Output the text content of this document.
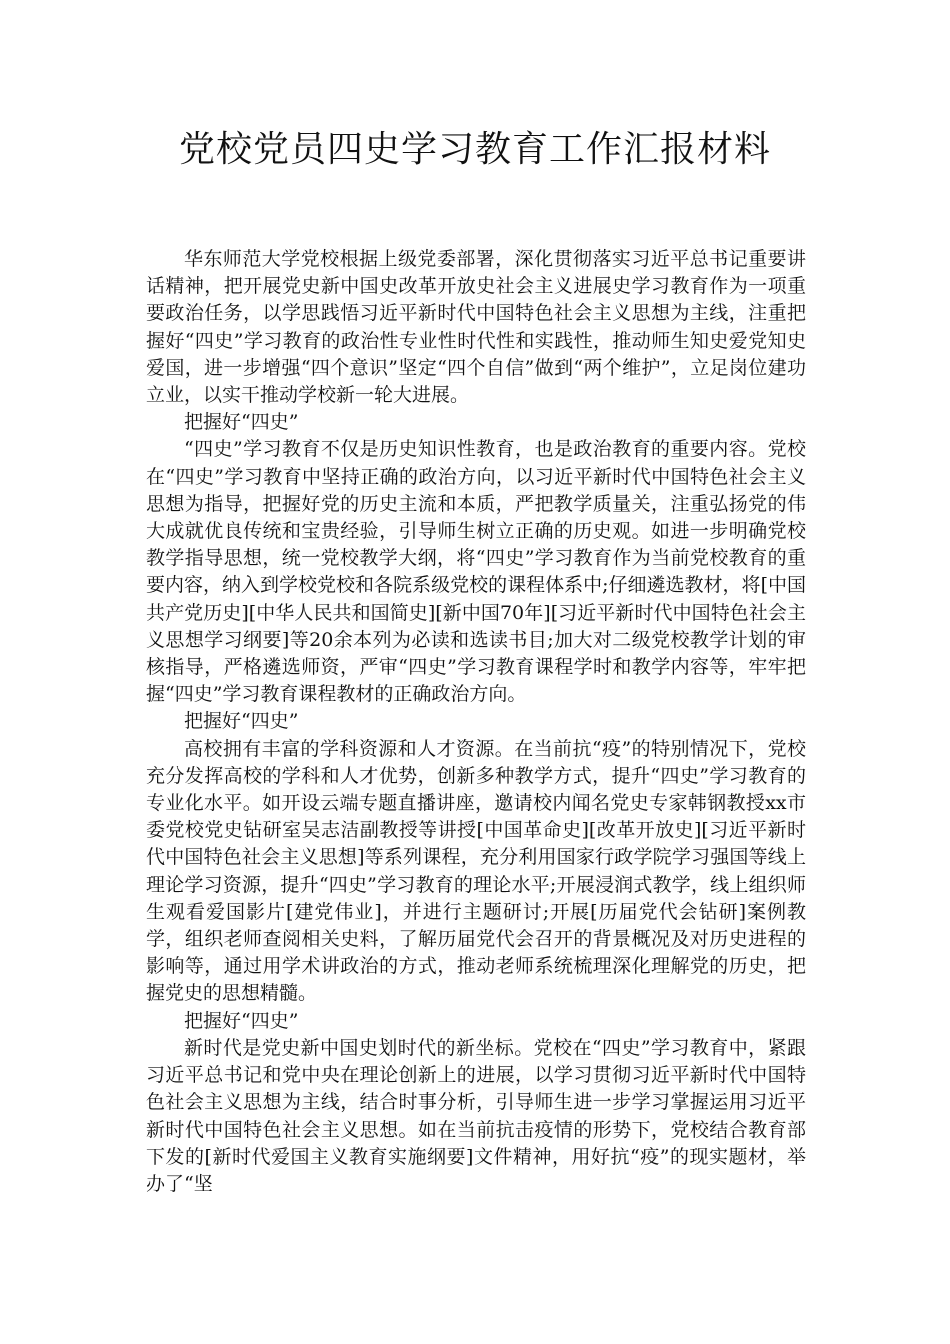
党校党员四史学习教育工作汇报材料

华东师范大学党校根据上级党委部署，深化贯彻落实习近平总书记重要讲话精神，把开展党史新中国史改革开放史社会主义进展史学习教育作为一项重要政治任务，以学思践悟习近平新时代中国特色社会主义思想为主线，注重把握好“四史”学习教育的政治性专业性时代性和实践性，推动师生知史爱党知史爱国，进一步增强“四个意识”坚定“四个自信”做到“两个维护”，立足岗位建功立业，以实干推动学校新一轮大进展。

把握好“四史”

“四史”学习教育不仅是历史知识性教育，也是政治教育的重要内容。党校在“四史”学习教育中坚持正确的政治方向，以习近平新时代中国特色社会主义思想为指导，把握好党的历史主流和本质，严把教学质量关，注重弘扬党的伟大成就优良传统和宝贵经验，引导师生树立正确的历史观。如进一步明确党校教学指导思想，统一党校教学大纲，将“四史”学习教育作为当前党校教育的重要内容，纳入到学校党校和各院系级党校的课程体系中;仔细遴选教材，将[中国共产党历史][中华人民共和国简史][新中国70年][习近平新时代中国特色社会主义思想学习纲要]等20余本列为必读和选读书目;加大对二级党校教学计划的审核指导，严格遴选师资，严审“四史”学习教育课程学时和教学内容等，牢牢把握“四史”学习教育课程教材的正确政治方向。

把握好“四史”

高校拥有丰富的学科资源和人才资源。在当前抗“疫”的特别情况下，党校充分发挥高校的学科和人才优势，创新多种教学方式，提升“四史”学习教育的专业化水平。如开设云端专题直播讲座，邀请校内闻名党史专家韩钢教授xx市委党校党史钻研室吴志洁副教授等讲授[中国革命史][改革开放史][习近平新时代中国特色社会主义思想]等系列课程，充分利用国家行政学院学习强国等线上理论学习资源，提升“四史”学习教育的理论水平;开展浸润式教学，线上组织师生观看爱国影片[建党伟业]，并进行主题研讨;开展[历届党代会钻研]案例教学，组织老师查阅相关史料，了解历届党代会召开的背景概况及对历史进程的影响等，通过用学术讲政治的方式，推动老师系统梳理深化理解党的历史，把握党史的思想精髓。

把握好“四史”

新时代是党史新中国史划时代的新坐标。党校在“四史”学习教育中，紧跟习近平总书记和党中央在理论创新上的进展，以学习贯彻习近平新时代中国特色社会主义思想为主线，结合时事分析，引导师生进一步学习掌握运用习近平新时代中国特色社会主义思想。如在当前抗击疫情的形势下，党校结合教育部下发的[新时代爱国主义教育实施纲要]文件精神，用好抗“疫”的现实题材，举办了“坚
